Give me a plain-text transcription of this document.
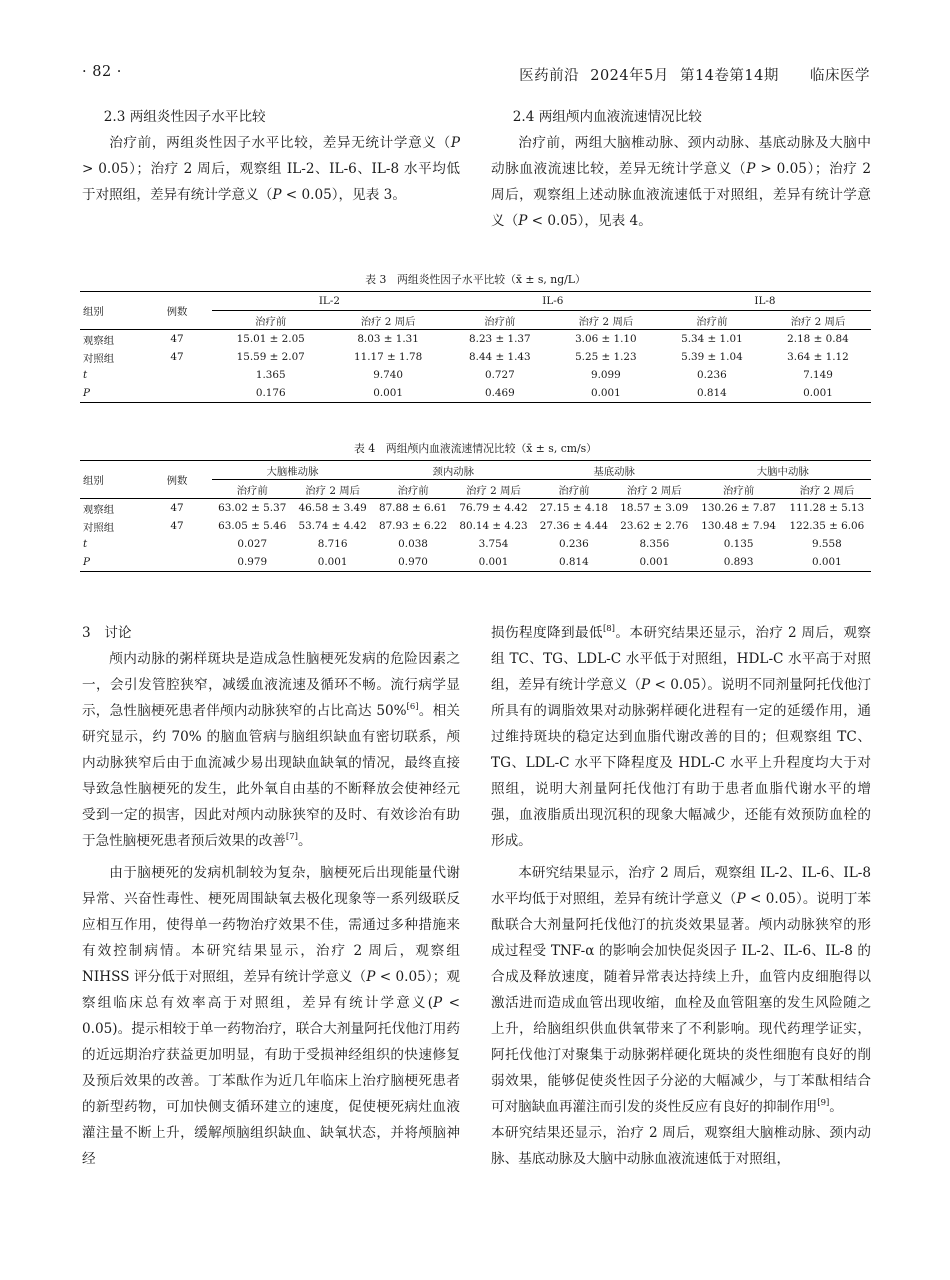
· 82 ·	医药前沿 2024年5月 第14卷第14期 临床医学
2.3 两组炎性因子水平比较

治疗前，两组炎性因子水平比较，差异无统计学意义（P > 0.05）；治疗 2 周后，观察组 IL-2、IL-6、IL-8 水平均低于对照组，差异有统计学意义（P < 0.05），见表 3。

2.4 两组颅内血液流速情况比较

治疗前，两组大脑椎动脉、颈内动脉、基底动脉及大脑中动脉血液流速比较，差异无统计学意义（P > 0.05）；治疗 2 周后，观察组上述动脉血液流速低于对照组，差异有统计学意义（P < 0.05），见表 4。

表 3　两组炎性因子水平比较（x̄ ± s, ng/L）
组别	例数	IL-2		IL-6		IL-8	
		治疗前	治疗 2 周后	治疗前	治疗 2 周后	治疗前	治疗 2 周后
观察组	47	15.01 ± 2.05	8.03 ± 1.31	8.23 ± 1.37	3.06 ± 1.10	5.34 ± 1.01	2.18 ± 0.84
对照组	47	15.59 ± 2.07	11.17 ± 1.78	8.44 ± 1.43	5.25 ± 1.23	5.39 ± 1.04	3.64 ± 1.12
t		1.365	9.740	0.727	9.099	0.236	7.149
P		0.176	0.001	0.469	0.001	0.814	0.001
表 4　两组颅内血液流速情况比较（x̄ ± s, cm/s）
组别	例数	大脑椎动脉		颈内动脉		基底动脉		大脑中动脉	
		治疗前	治疗 2 周后	治疗前	治疗 2 周后	治疗前	治疗 2 周后	治疗前	治疗 2 周后
观察组	47	63.02 ± 5.37	46.58 ± 3.49	87.88 ± 6.61	76.79 ± 4.42	27.15 ± 4.18	18.57 ± 3.09	130.26 ± 7.87	111.28 ± 5.13
对照组	47	63.05 ± 5.46	53.74 ± 4.42	87.93 ± 6.22	80.14 ± 4.23	27.36 ± 4.44	23.62 ± 2.76	130.48 ± 7.94	122.35 ± 6.06
t		0.027	8.716	0.038	3.754	0.236	8.356	0.135	9.558
P		0.979	0.001	0.970	0.001	0.814	0.001	0.893	0.001
3　讨论

颅内动脉的粥样斑块是造成急性脑梗死发病的危险因素之一，会引发管腔狭窄，减缓血液流速及循环不畅。流行病学显示，急性脑梗死患者伴颅内动脉狭窄的占比高达 50%[6]。相关研究显示，约 70% 的脑血管病与脑组织缺血有密切联系，颅内动脉狭窄后由于血流减少易出现缺血缺氧的情况，最终直接导致急性脑梗死的发生，此外氧自由基的不断释放会使神经元受到一定的损害，因此对颅内动脉狭窄的及时、有效诊治有助于急性脑梗死患者预后效果的改善[7]。

由于脑梗死的发病机制较为复杂，脑梗死后出现能量代谢异常、兴奋性毒性、梗死周围缺氧去极化现象等一系列级联反应相互作用，使得单一药物治疗效果不佳，需通过多种措施来有效控制病情。本研究结果显示，治疗 2 周后，观察组 NIHSS 评分低于对照组，差异有统计学意义（P < 0.05）；观察组临床总有效率高于对照组，差异有统计学意义(P < 0.05)。提示相较于单一药物治疗，联合大剂量阿托伐他汀用药的近远期治疗获益更加明显，有助于受损神经组织的快速修复及预后效果的改善。丁苯酞作为近几年临床上治疗脑梗死患者的新型药物，可加快侧支循环建立的速度，促使梗死病灶血液灌注量不断上升，缓解颅脑组织缺血、缺氧状态，并将颅脑神经

损伤程度降到最低[8]。本研究结果还显示，治疗 2 周后，观察组 TC、TG、LDL-C 水平低于对照组，HDL-C 水平高于对照组，差异有统计学意义（P < 0.05）。说明不同剂量阿托伐他汀所具有的调脂效果对动脉粥样硬化进程有一定的延缓作用，通过维持斑块的稳定达到血脂代谢改善的目的；但观察组 TC、TG、LDL-C 水平下降程度及 HDL-C 水平上升程度均大于对照组，说明大剂量阿托伐他汀有助于患者血脂代谢水平的增强，血液脂质出现沉积的现象大幅减少，还能有效预防血栓的形成。

本研究结果显示，治疗 2 周后，观察组 IL-2、IL-6、IL-8 水平均低于对照组，差异有统计学意义（P < 0.05）。说明丁苯酞联合大剂量阿托伐他汀的抗炎效果显著。颅内动脉狭窄的形成过程受 TNF-α 的影响会加快促炎因子 IL-2、IL-6、IL-8 的合成及释放速度，随着异常表达持续上升，血管内皮细胞得以激活进而造成血管出现收缩，血栓及血管阻塞的发生风险随之上升，给脑组织供血供氧带来了不利影响。现代药理学证实，阿托伐他汀对聚集于动脉粥样硬化斑块的炎性细胞有良好的削弱效果，能够促使炎性因子分泌的大幅减少，与丁苯酞相结合可对脑缺血再灌注而引发的炎性反应有良好的抑制作用[9]。

本研究结果还显示，治疗 2 周后，观察组大脑椎动脉、颈内动脉、基底动脉及大脑中动脉血液流速低于对照组，
